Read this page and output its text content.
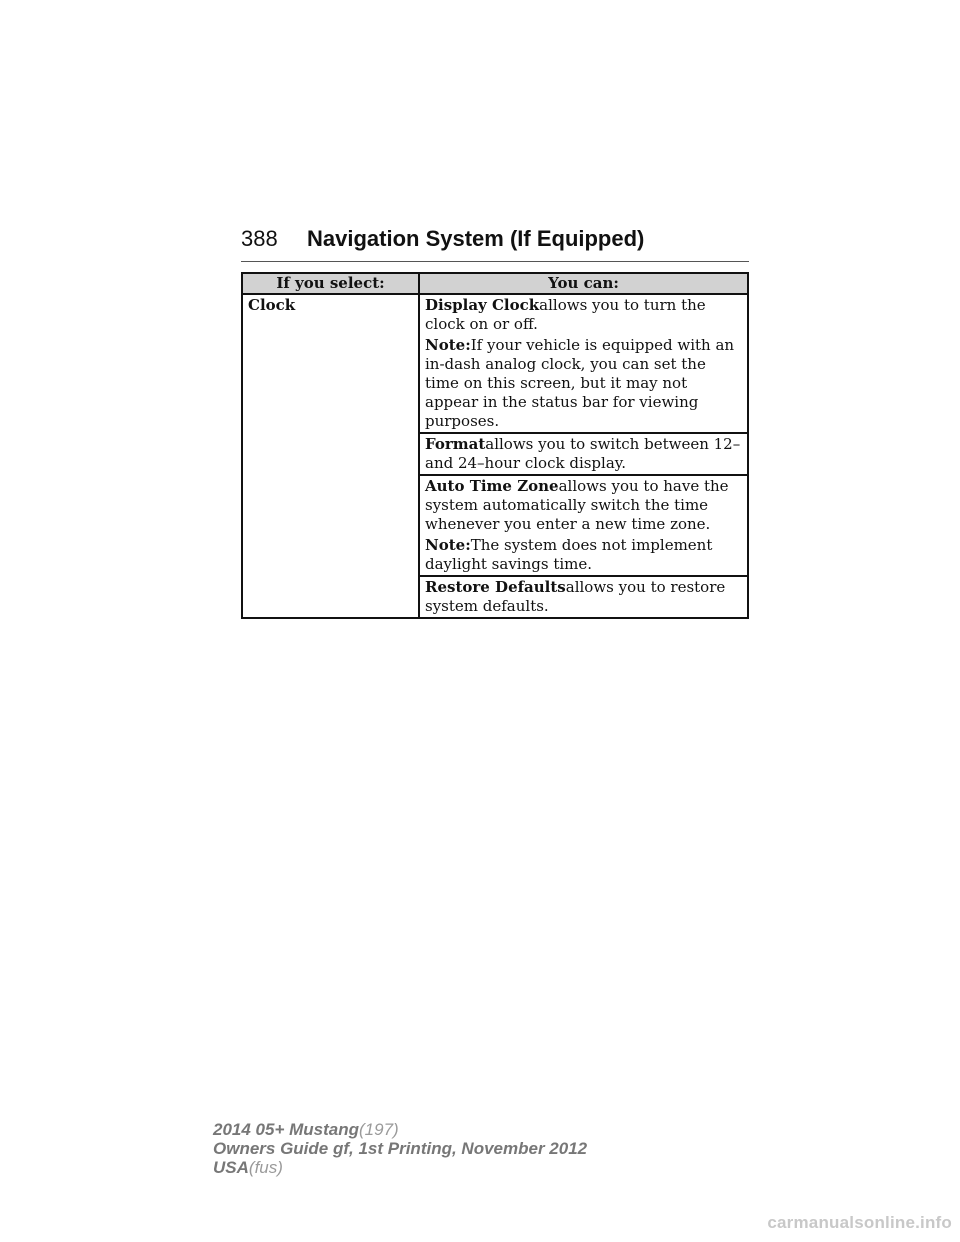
388 Navigation System (If Equipped)
If you select:	You can:
Clock	Display Clockallows you to turn the clock on or off.
Note:If your vehicle is equipped with an in-dash analog clock, you can set the time on this screen, but it may not appear in the status bar for viewing purposes.

	Formatallows you to switch between 12– and 24–hour clock display.

	Auto Time Zoneallows you to have the system automatically switch the time whenever you enter a new time zone.
Note:The system does not implement daylight savings time.

	Restore Defaultsallows you to restore system defaults.
2014 05+ Mustang(197)
Owners Guide gf, 1st Printing, November 2012
USA(fus)
carmanualsonline.info
